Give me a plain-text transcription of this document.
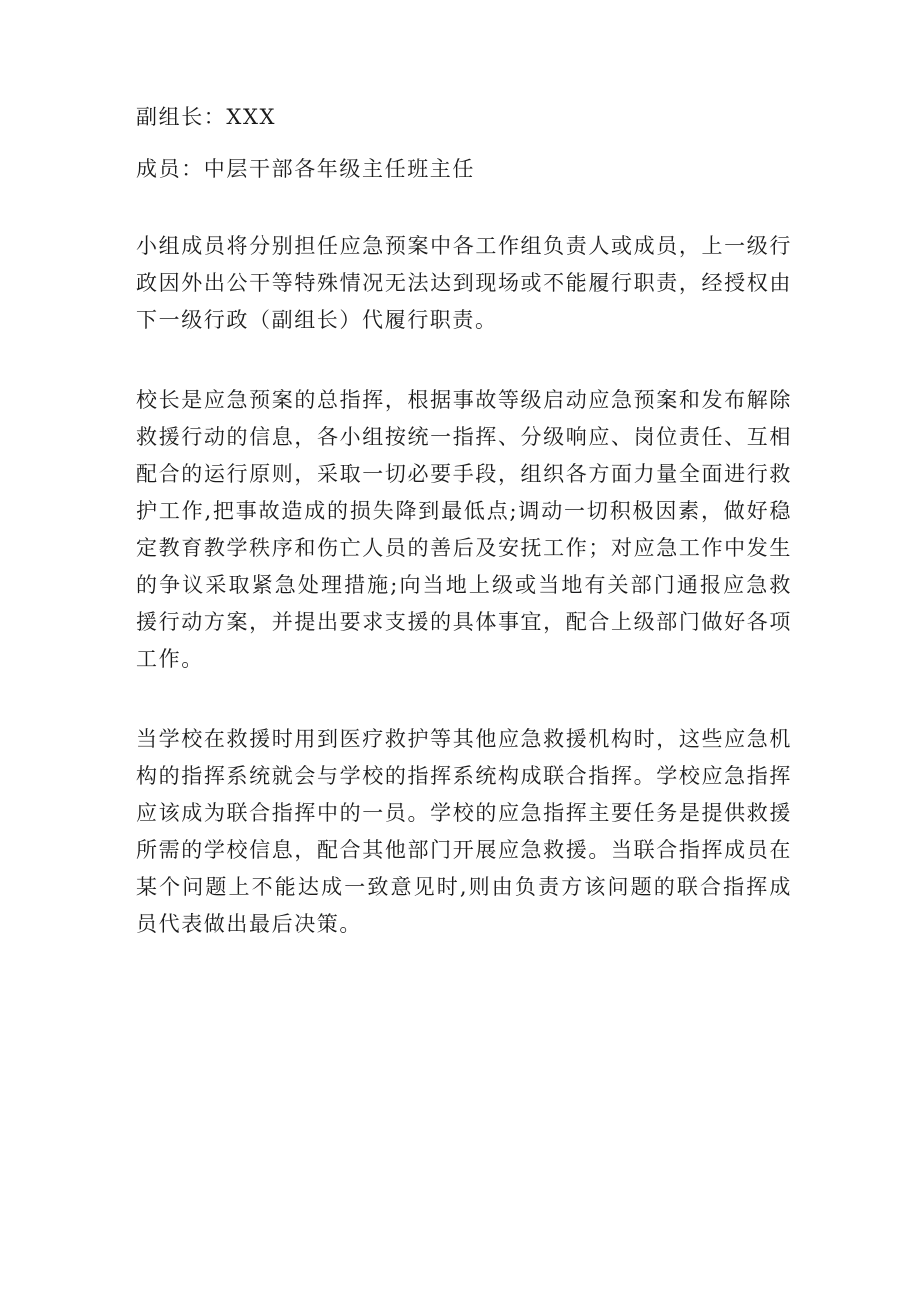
副组长：XXX

成员：中层干部各年级主任班主任

小组成员将分别担任应急预案中各工作组负责人或成员，上一级行政因外出公干等特殊情况无法达到现场或不能履行职责，经授权由下一级行政（副组长）代履行职责。

校长是应急预案的总指挥，根据事故等级启动应急预案和发布解除救援行动的信息，各小组按统一指挥、分级响应、岗位责任、互相配合的运行原则，采取一切必要手段，组织各方面力量全面进行救护工作,把事故造成的损失降到最低点;调动一切积极因素，做好稳定教育教学秩序和伤亡人员的善后及安抚工作；对应急工作中发生的争议采取紧急处理措施;向当地上级或当地有关部门通报应急救援行动方案，并提出要求支援的具体事宜，配合上级部门做好各项工作。

当学校在救援时用到医疗救护等其他应急救援机构时，这些应急机构的指挥系统就会与学校的指挥系统构成联合指挥。学校应急指挥应该成为联合指挥中的一员。学校的应急指挥主要任务是提供救援所需的学校信息，配合其他部门开展应急救援。当联合指挥成员在某个问题上不能达成一致意见时,则由负责方该问题的联合指挥成员代表做出最后决策。
